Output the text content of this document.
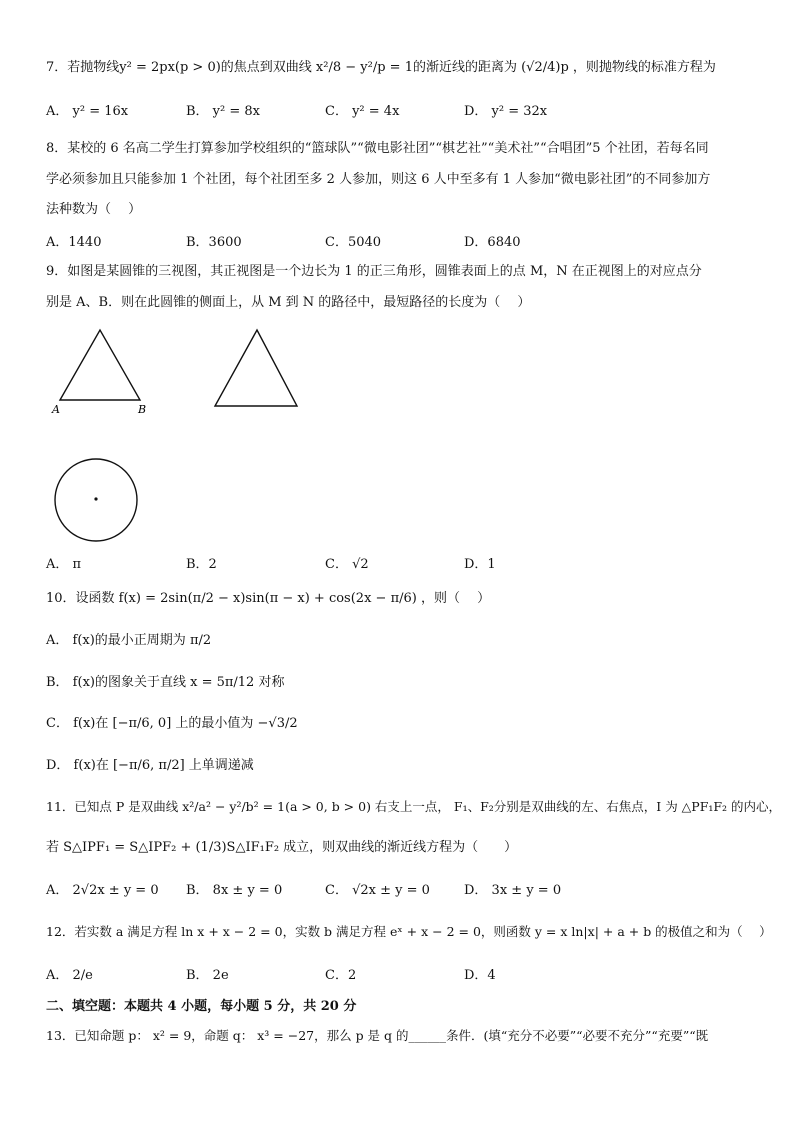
7．若抛物线y² = 2px(p > 0)的焦点到双曲线 x²/8 − y²/p = 1的渐近线的距离为 (√2/4)p ，则抛物线的标准方程为
A． y² = 16x	B． y² = 8x	C． y² = 4x	D． y² = 32x
8．某校的 6 名高二学生打算参加学校组织的“篮球队”“微电影社团”“棋艺社”“美术社”“合唱团”5 个社团，若每名同
学必须参加且只能参加 1 个社团，每个社团至多 2 人参加，则这 6 人中至多有 1 人参加“微电影社团”的不同参加方
法种数为（　 ）
A．1440	B．3600	C．5040	D．6840
9．如图是某圆锥的三视图，其正视图是一个边长为 1 的正三角形，圆锥表面上的点 M，N 在正视图上的对应点分
别是 A、B．则在此圆锥的侧面上，从 M 到 N 的路径中，最短路径的长度为（　 ）
A	B
A． π	B．2	C． √2	D．1
10．设函数 f(x) = 2sin(π/2 − x)sin(π − x) + cos(2x − π/6) ，则（　 ）
A． f(x)的最小正周期为 π/2
B． f(x)的图象关于直线 x = 5π/12 对称
C． f(x)在 [−π/6, 0] 上的最小值为 −√3/2
D． f(x)在 [−π/6, π/2] 上单调递减
11．已知点 P 是双曲线 x²/a² − y²/b² = 1(a > 0, b > 0) 右支上一点， F₁、F₂分别是双曲线的左、右焦点，I 为 △PF₁F₂ 的内心，
若 S△IPF₁ = S△IPF₂ + (1/3)S△IF₁F₂ 成立，则双曲线的渐近线方程为（　　）
A． 2√2x ± y = 0 B． 8x ± y = 0	C． √2x ± y = 0	D． 3x ± y = 0
12．若实数 a 满足方程 ln x + x − 2 = 0，实数 b 满足方程 eˣ + x − 2 = 0，则函数 y = x ln|x| + a + b 的极值之和为（　 ）
A． 2/e	B． 2e	C．2	D．4
二、填空题：本题共 4 小题，每小题 5 分，共 20 分
13．已知命题 p： x² = 9，命题 q： x³ = −27，那么 p 是 q 的______条件．(填“充分不必要”“必要不充分”“充要”“既
